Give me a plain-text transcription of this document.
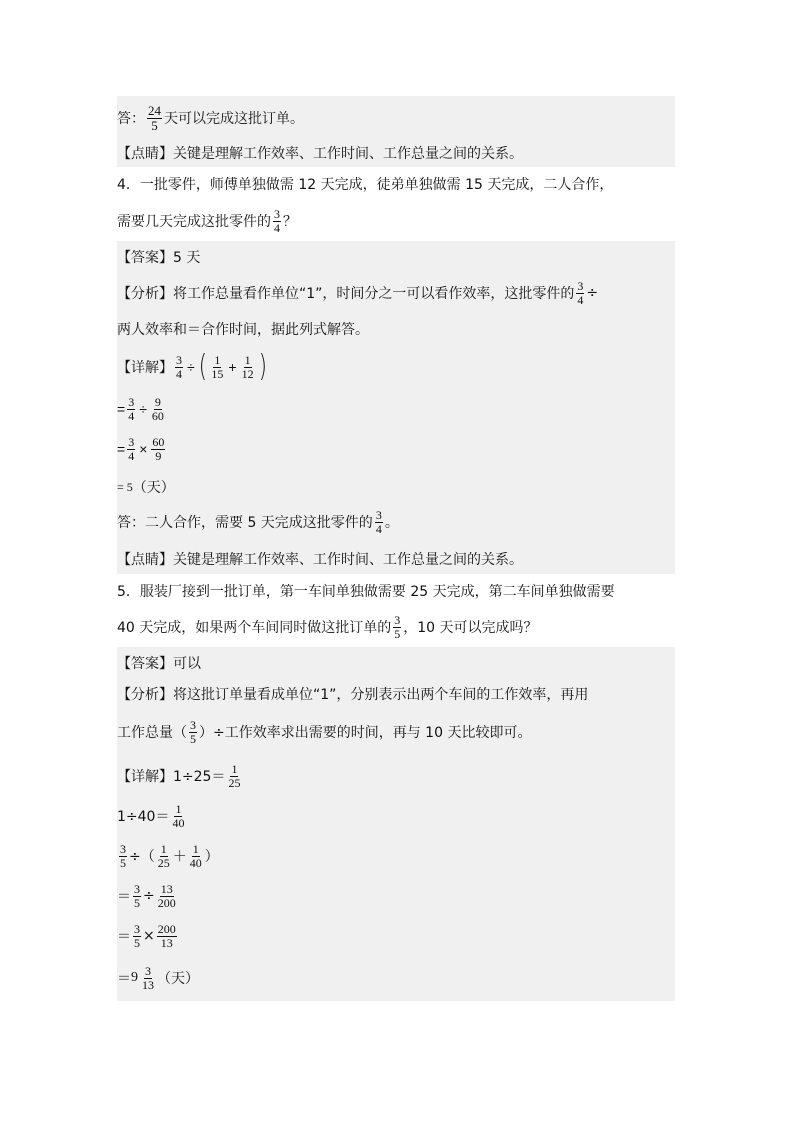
答： $\frac{24}{5}$ 天可以完成这批订单。
【点睛】 关键是理解工作效率、工作时间、工作总量之间的关系。
4．一批零件，师傅单独做需 12 天完成，徒弟单独做需 15 天完成，二人合作，
需要几天完成这批零件的 $\frac{3}{4}$ ？
【答案】 5 天
【分析】 将工作总量看作单位“1”，时间分之一可以看作效率，这批零件的 $\frac{3}{4}$ ÷
两人效率和＝合作时间，据此列式解答。
【详解】 $\frac{3}{4}$ ÷ ( $\frac{1}{15} + \frac{1}{12}$ )
= $\frac{3}{4} \div \frac{9}{60}$
= $\frac{3}{4} \times \frac{60}{9}$
= 5 （天）
答：二人合作，需要 5 天完成这批零件的 $\frac{3}{4}$ 。
【点睛】 关键是理解工作效率、工作时间、工作总量之间的关系。
5．服装厂接到一批订单，第一车间单独做需要 25 天完成，第二车间单独做需要
40 天完成，如果两个车间同时做这批订单的 $\frac{3}{5}$ ，10 天可以完成吗？
【答案】 可以
【分析】 将这批订单量看成单位“1”，分别表示出两个车间的工作效率，再用
工作总量（ $\frac{3}{5}$ ）÷工作效率求出需要的时间，再与 10 天比较即可。
【详解】 $1\div 25= \frac{1}{25}$
$1\div 40= \frac{1}{40}$
$\frac{3}{5}$ ÷（ $\frac{1}{25} + \frac{1}{40}$ ）
＝ $\frac{3}{5} \div \frac{13}{200}$
＝ $\frac{3}{5} \times \frac{200}{13}$
＝ $9 \frac{3}{13}$ （天）
